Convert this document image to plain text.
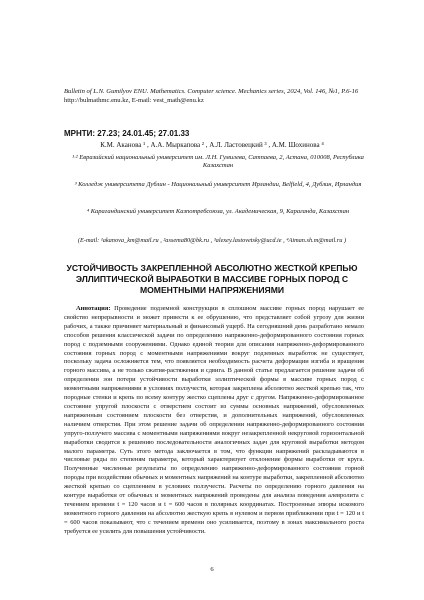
Bulletin of L.N. Gumilyov ENU. Mathematics. Computer science. Mechanics series, 2024, Vol. 146, №1, P.6-16
http://bulmathmc.enu.kz, E-mail: vest_math@enu.kz
МРНТИ: 27.23; 24.01.45; 27.01.33
К.М. Аканова ¹ , А.А. Мыркапова ² , А.Л. Ластовецкий ³ , А.М. Шохинова ⁴
¹·² Евразийский национальный университет им. Л.Н. Гумилева, Сатпаева, 2, Астана, 010008, Республика Казахстан
³ Колледж университета Дублин - Национальный университет Ирландии, Belfield, 4, Дублин, Ирландия
⁴ Карагандинский университет Казпотребсоюза, ул. Академическая, 9, Караганда, Казахстан
(E-mail: ¹akanova_km@mail.ru , ²assema80@bk.ru , ³alexey.lastovetsky@ucd.ie , ⁴Aiman.sh.m@mail.ru )
УСТОЙЧИВОСТЬ ЗАКРЕПЛЕННОЙ АБСОЛЮТНО ЖЕСТКОЙ КРЕПЬЮ ЭЛЛИПТИЧЕСКОЙ ВЫРАБОТКИ В МАССИВЕ ГОРНЫХ ПОРОД С МОМЕНТНЫМИ НАПРЯЖЕНИЯМИ
Аннотация: Проведение подземной конструкции в сплошном массиве горных пород нарушает ее свойство непрерывности и может привести к ее обрушению, что представляет собой угрозу для жизни рабочих, а также причиняет материальный и финансовый ущерб. На сегодняшний день разработано немало способов решения классической задачи по определению напряженно-деформированного состояния горных пород с подземными сооружениями. Однако единой теории для описания напряженно-деформированного состояния горных пород с моментными напряжениями вокруг подземных выработок не существует, поскольку задача осложняется тем, что появляется необходимость расчета деформации изгиба и вращения горного массива, а не только сжатия-растяжения и сдвига. В данной статье предлагается решение задачи об определении зон потери устойчивости выработки эллиптической формы в массиве горных пород с моментными напряжениями в условиях ползучести, которая закреплена абсолютно жесткой крепью так, что породные стенки и крепь по всему контуру жестко сцеплены друг с другом. Напряженно-деформированное состояние упругой плоскости с отверстием состоит из суммы основных напряжений, обусловленных напряженным состоянием плоскости без отверстия, и дополнительных напряжений, обусловленных наличием отверстия. При этом решение задачи об определении напряженно-деформированного состояния упруго-ползучего массива с моментными напряжениями вокруг незакрепленной некруговой горизонтальной выработки сводится к решению последовательности аналогичных задач для круговой выработки методом малого параметра. Суть этого метода заключается в том, что функции напряжений раскладываются в числовые ряды по степеням параметра, который характеризует отклонение формы выработки от круга. Полученные численные результаты по определению напряженно-деформированного состояния горной породы при воздействии обычных и моментных напряжений на контуре выработки, закрепленной абсолютно жесткой крепью со сцеплением в условиях ползучести. Расчеты по определению горного давления на контуре выработки от обычных и моментных напряжений проведены для анализа поведения алевролита с течением времени t = 120 часов и t = 600 часов в полярных координатах. Построенные эпюры искомого моментного горного давления на абсолютно жесткую крепь в нулевом и первом приближении при t = 120 и t = 600 часов показывают, что с течением времени оно усиливается, поэтому в зонах максимального роста требуется ее усилить для повышения устойчивости.
6
